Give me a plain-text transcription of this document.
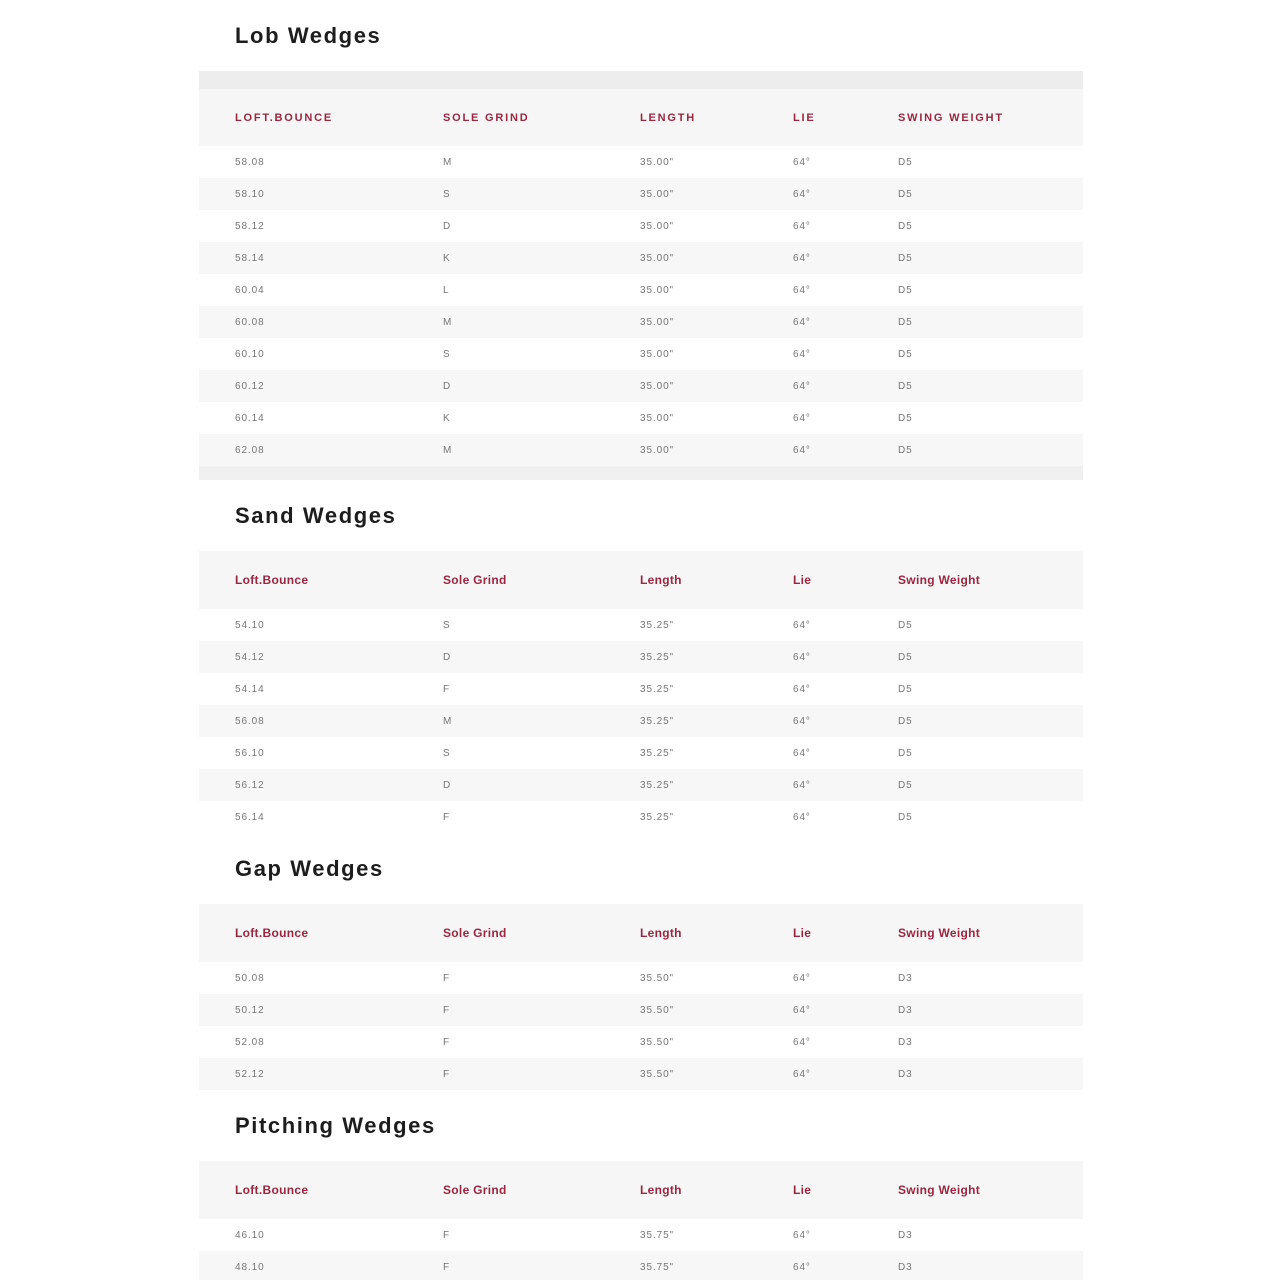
Lob Wedges
LOFT.BOUNCE	SOLE GRIND	LENGTH	LIE	SWING WEIGHT
58.08	M	35.00"	64°	D5
58.10	S	35.00"	64°	D5
58.12	D	35.00"	64°	D5
58.14	K	35.00"	64°	D5
60.04	L	35.00"	64°	D5
60.08	M	35.00"	64°	D5
60.10	S	35.00"	64°	D5
60.12	D	35.00"	64°	D5
60.14	K	35.00"	64°	D5
62.08	M	35.00"	64°	D5
Sand Wedges
Loft.Bounce	Sole Grind	Length	Lie	Swing Weight
54.10	S	35.25"	64°	D5
54.12	D	35.25"	64°	D5
54.14	F	35.25"	64°	D5
56.08	M	35.25"	64°	D5
56.10	S	35.25"	64°	D5
56.12	D	35.25"	64°	D5
56.14	F	35.25"	64°	D5
Gap Wedges
Loft.Bounce	Sole Grind	Length	Lie	Swing Weight
50.08	F	35.50"	64°	D3
50.12	F	35.50"	64°	D3
52.08	F	35.50"	64°	D3
52.12	F	35.50"	64°	D3
Pitching Wedges
Loft.Bounce	Sole Grind	Length	Lie	Swing Weight
46.10	F	35.75"	64°	D3
48.10	F	35.75"	64°	D3
